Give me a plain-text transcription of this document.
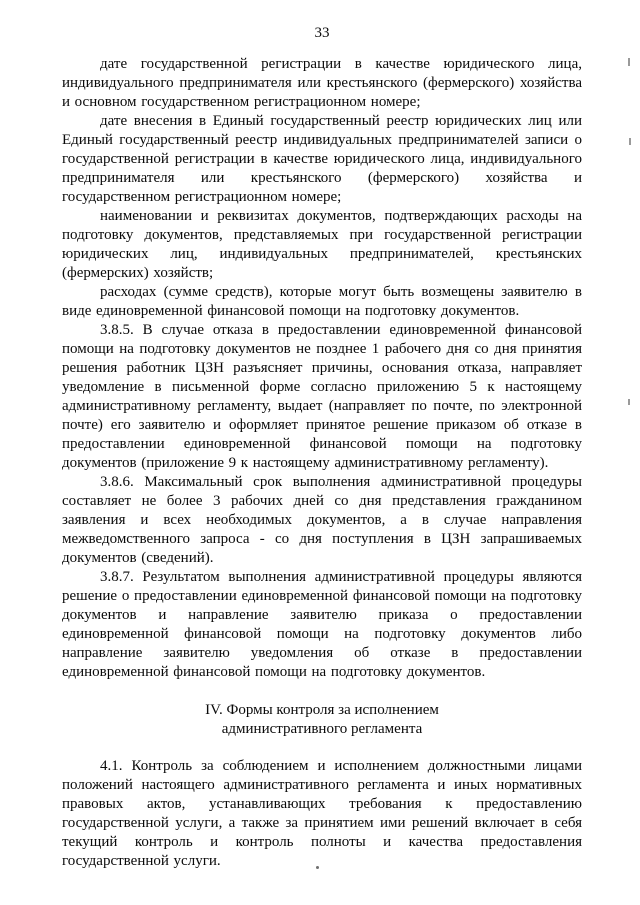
33

дате государственной регистрации в качестве юридического лица, индивидуального предпринимателя или крестьянского (фермерского) хозяйства и основном государственном регистрационном номере;

дате внесения в Единый государственный реестр юридических лиц или Единый государственный реестр индивидуальных предпринимателей записи о государственной регистрации в качестве юридического лица, индивидуального предпринимателя или крестьянского (фермерского) хозяйства и государственном регистрационном номере;

наименовании и реквизитах документов, подтверждающих расходы на подготовку документов, представляемых при государственной регистрации юридических лиц, индивидуальных предпринимателей, крестьянских (фермерских) хозяйств;

расходах (сумме средств), которые могут быть возмещены заявителю в виде единовременной финансовой помощи на подготовку документов.

3.8.5. В случае отказа в предоставлении единовременной финансовой помощи на подготовку документов не позднее 1 рабочего дня со дня принятия решения работник ЦЗН разъясняет причины, основания отказа, направляет уведомление в письменной форме согласно приложению 5 к настоящему административному регламенту, выдает (направляет по почте, по электронной почте) его заявителю и оформляет принятое решение приказом об отказе в предоставлении единовременной финансовой помощи на подготовку документов (приложение 9 к настоящему административному регламенту).

3.8.6. Максимальный срок выполнения административной процедуры составляет не более 3 рабочих дней со дня представления гражданином заявления и всех необходимых документов, а в случае направления межведомственного запроса - со дня поступления в ЦЗН запрашиваемых документов (сведений).

3.8.7. Результатом выполнения административной процедуры являются решение о предоставлении единовременной финансовой помощи на подготовку документов и направление заявителю приказа о предоставлении единовременной финансовой помощи на подготовку документов либо направление заявителю уведомления об отказе в предоставлении единовременной финансовой помощи на подготовку документов.

IV. Формы контроля за исполнением
административного регламента

4.1. Контроль за соблюдением и исполнением должностными лицами положений настоящего административного регламента и иных нормативных правовых актов, устанавливающих требования к предоставлению государственной услуги, а также за принятием ими решений включает в себя текущий контроль и контроль полноты и качества предоставления государственной услуги.
